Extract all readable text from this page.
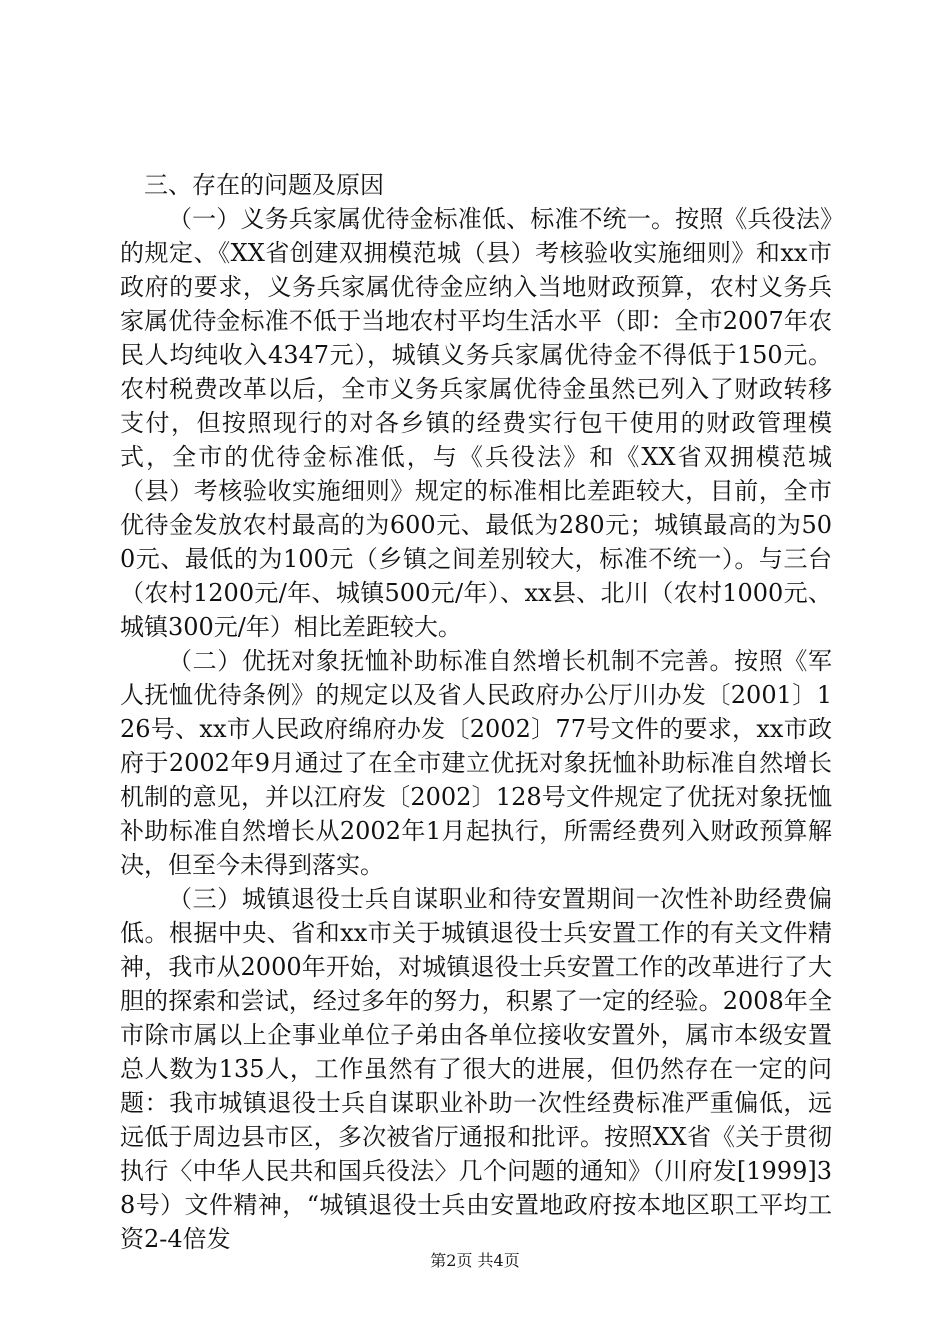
三、存在的问题及原因

（一）义务兵家属优待金标准低、标准不统一。按照《兵役法》的规定、《XX省创建双拥模范城（县）考核验收实施细则》和xx市政府的要求，义务兵家属优待金应纳入当地财政预算，农村义务兵家属优待金标准不低于当地农村平均生活水平（即：全市2007年农民人均纯收入4347元），城镇义务兵家属优待金不得低于150元。农村税费改革以后，全市义务兵家属优待金虽然已列入了财政转移支付，但按照现行的对各乡镇的经费实行包干使用的财政管理模式，全市的优待金标准低，与《兵役法》和《XX省双拥模范城（县）考核验收实施细则》规定的标准相比差距较大，目前，全市优待金发放农村最高的为600元、最低为280元；城镇最高的为500元、最低的为100元（乡镇之间差别较大，标准不统一）。与三台（农村1200元/年、城镇500元/年）、xx县、北川（农村1000元、城镇300元/年）相比差距较大。

（二）优抚对象抚恤补助标准自然增长机制不完善。按照《军人抚恤优待条例》的规定以及省人民政府办公厅川办发〔2001〕126号、xx市人民政府绵府办发〔2002〕77号文件的要求，xx市政府于2002年9月通过了在全市建立优抚对象抚恤补助标准自然增长机制的意见，并以江府发〔2002〕128号文件规定了优抚对象抚恤补助标准自然增长从2002年1月起执行，所需经费列入财政预算解决，但至今未得到落实。

（三）城镇退役士兵自谋职业和待安置期间一次性补助经费偏低。根据中央、省和xx市关于城镇退役士兵安置工作的有关文件精神，我市从2000年开始，对城镇退役士兵安置工作的改革进行了大胆的探索和尝试，经过多年的努力，积累了一定的经验。2008年全市除市属以上企事业单位子弟由各单位接收安置外，属市本级安置总人数为135人，工作虽然有了很大的进展，但仍然存在一定的问题：我市城镇退役士兵自谋职业补助一次性经费标准严重偏低，远远低于周边县市区，多次被省厅通报和批评。按照XX省《关于贯彻执行〈中华人民共和国兵役法〉几个问题的通知》（川府发[1999]38号）文件精神，“城镇退役士兵由安置地政府按本地区职工平均工资2-4倍发

第2页 共4页
